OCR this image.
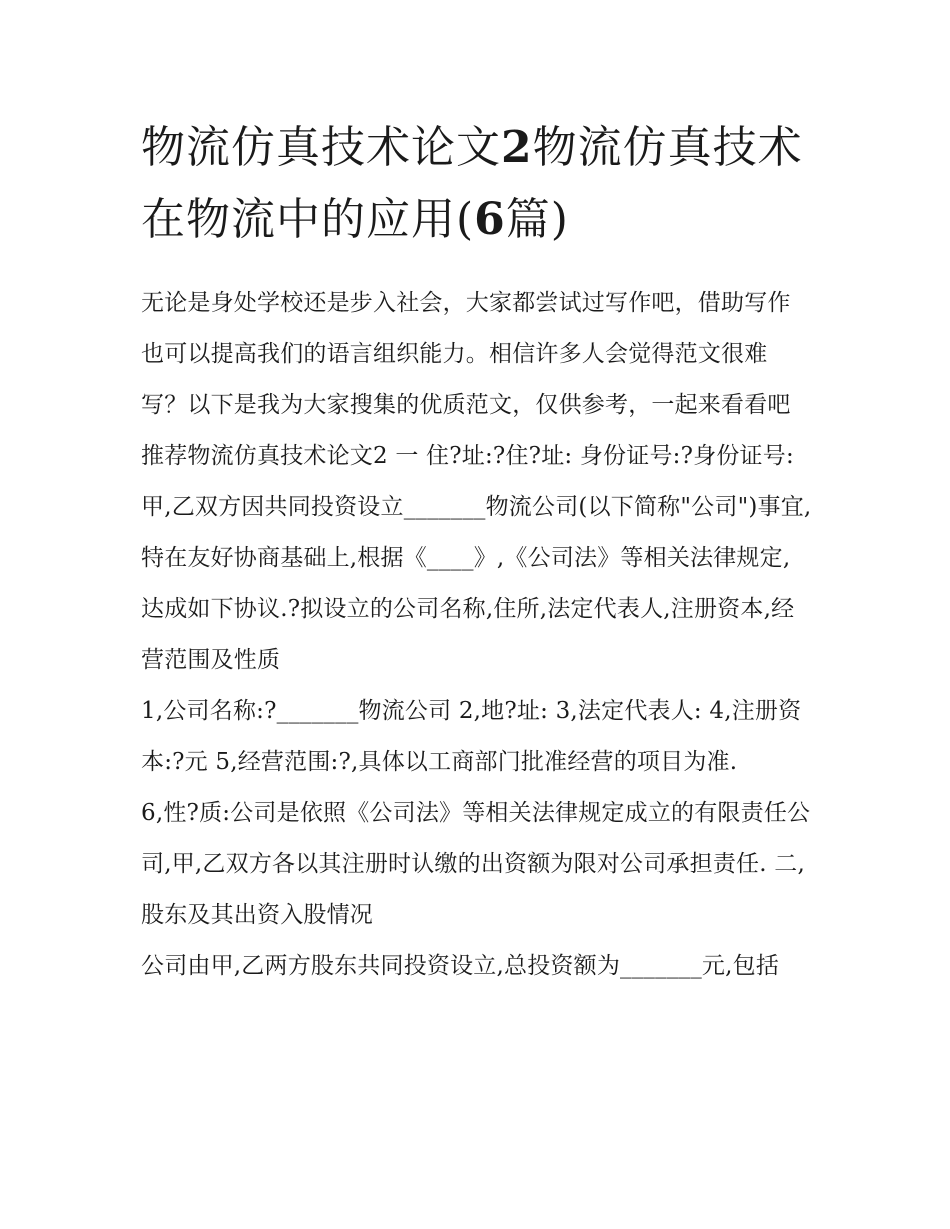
物流仿真技术论文2物流仿真技术在物流中的应用(6篇)

无论是身处学校还是步入社会，大家都尝试过写作吧，借助写作也可以提高我们的语言组织能力。相信许多人会觉得范文很难写？以下是我为大家搜集的优质范文，仅供参考，一起来看看吧

推荐物流仿真技术论文2 一 住?址:?住?址: 身份证号:?身份证号:

甲,乙双方因共同投资设立_______物流公司(以下简称"公司")事宜,特在友好协商基础上,根据《____》,《公司法》等相关法律规定,达成如下协议.?拟设立的公司名称,住所,法定代表人,注册资本,经营范围及性质

1,公司名称:?_______物流公司 2,地?址: 3,法定代表人: 4,注册资本:?元 5,经营范围:?,具体以工商部门批准经营的项目为准.

6,性?质:公司是依照《公司法》等相关法律规定成立的有限责任公司,甲,乙双方各以其注册时认缴的出资额为限对公司承担责任. 二,股东及其出资入股情况

公司由甲,乙两方股东共同投资设立,总投资额为_______元,包括
